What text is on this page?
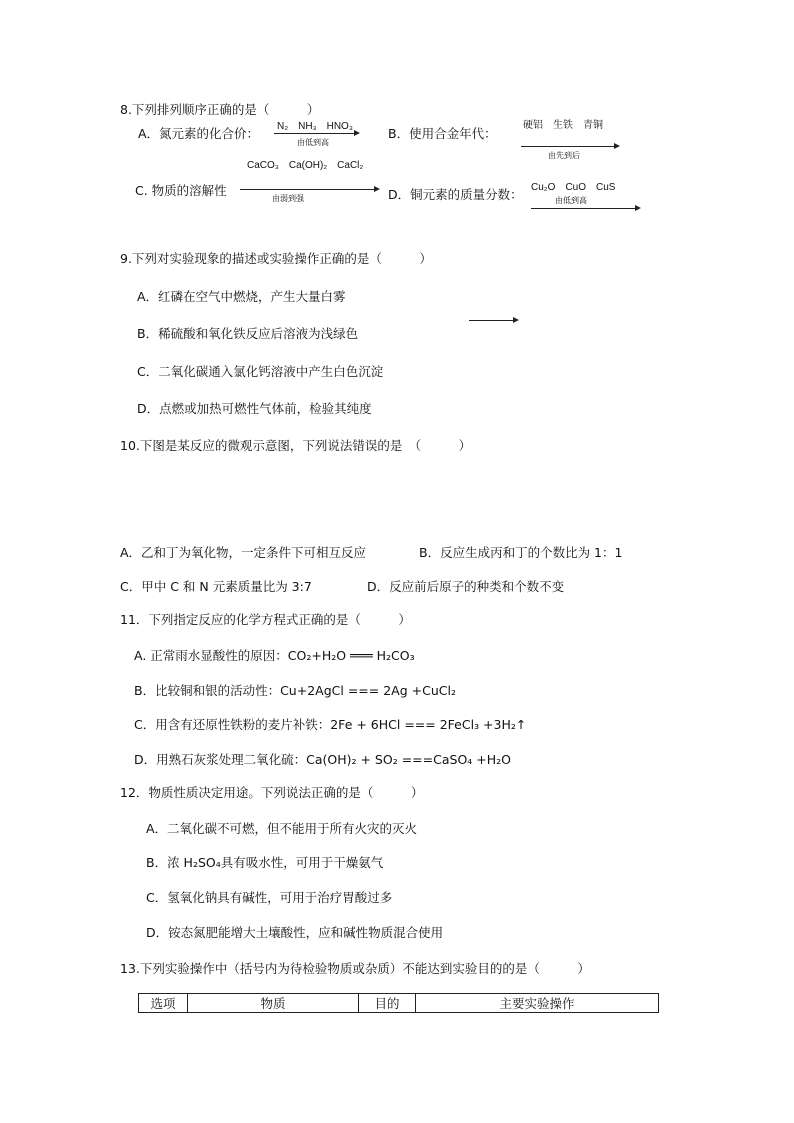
8.下列排列顺序正确的是（　　　）
A．氮元素的化合价： N₂　NH₃　HNO₃
由低到高
B．使用合金年代：
硬铝　生铁　青铜
由先到后
CaCO₃　Ca(OH)₂　CaCl₂
C. 物质的溶解性
由弱到强	D．铜元素的质量分数： Cu₂O　CuO　CuS
由低到高
9.下列对实验现象的描述或实验操作正确的是（　　　）
A．红磷在空气中燃烧，产生大量白雾
B．稀硫酸和氧化铁反应后溶液为浅绿色
C．二氧化碳通入氯化钙溶液中产生白色沉淀
D．点燃或加热可燃性气体前，检验其纯度
10.下图是某反应的微观示意图，下列说法错误的是　（　　　）
A．乙和丁为氧化物，一定条件下可相互反应	B．反应生成丙和丁的个数比为 1：1
C．甲中 C 和 N 元素质量比为 3:7	D．反应前后原子的种类和个数不变
11．下列指定反应的化学方程式正确的是（　　　）
A. 正常雨水显酸性的原因：CO₂+H₂O ═══ H₂CO₃
B．比较铜和银的活动性：Cu+2AgCl === 2Ag +CuCl₂
C．用含有还原性铁粉的麦片补铁：2Fe + 6HCl === 2FeCl₃ +3H₂↑
D．用熟石灰浆处理二氧化硫：Ca(OH)₂ + SO₂ ===CaSO₄ +H₂O
12．物质性质决定用途。下列说法正确的是（　　　）
A．二氧化碳不可燃，但不能用于所有火灾的灭火
B．浓 H₂SO₄具有吸水性，可用于干燥氨气
C．氢氧化钠具有碱性，可用于治疗胃酸过多
D．铵态氮肥能增大土壤酸性，应和碱性物质混合使用
13.下列实验操作中（括号内为待检验物质或杂质）不能达到实验目的的是（　　　）
选项	物质	目的	主要实验操作
